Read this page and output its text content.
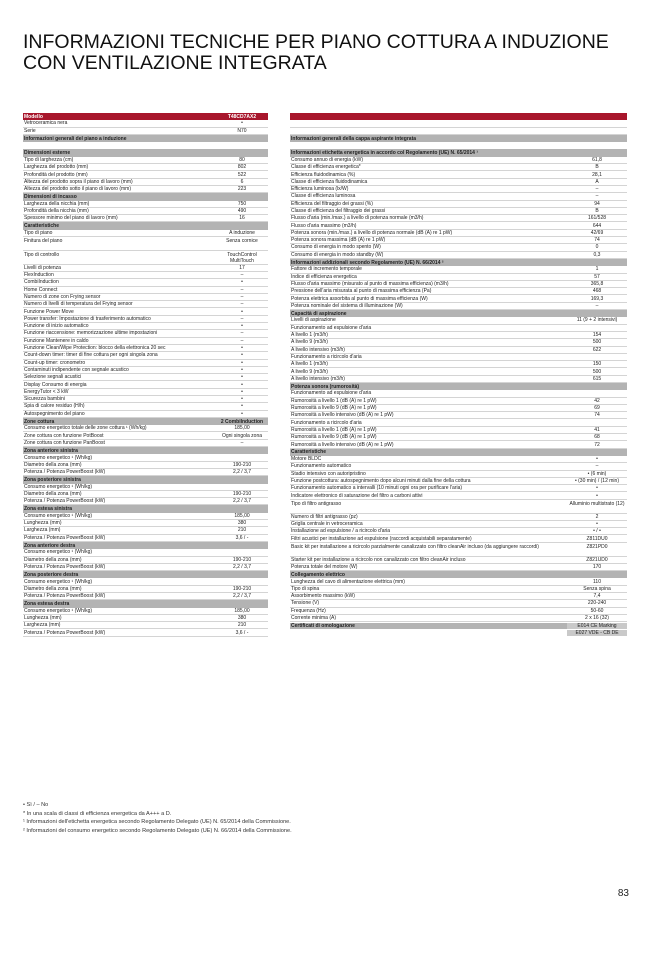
INFORMAZIONI TECNICHE PER PIANO COTTURA A INDUZIONE
CON VENTILAZIONE INTEGRATA
Modello	T48CD7AX2
Vetroceramica nera	•
Serie	N70
Informazioni generali del piano a induzione
Dimensioni esterne
Tipo di larghezza (cm)	80
Larghezza del prodotto (mm)	802
Profondità del prodotto (mm)	522
Altezza del prodotto sopra il piano di lavoro (mm)	6
Altezza del prodotto sotto il piano di lavoro (mm)	223
Dimensioni di incasso
Larghezza della nicchia (mm)	750
Profondità della nicchia (mm)	490
Spessore minimo del piano di lavoro (mm)	16
Caratteristiche
Tipo di piano	A induzione
Finitura del piano	Senza cornice
Tipo di controllo	TouchControl MultiTouch
Livelli di potenza	17
FlexInduction	–
CombiInduction	•
Home Connect	–
Numero di zone con Frying sensor	–
Numero di livelli di temperatura del Frying sensor	–
Funzione Power Move	•
Power transfer: Impostazione di trasferimento automatico	–
Funzione di inizio automatico	•
Funzione riaccensione: memorizzazione ultime impostazioni	–
Funzione Mantenere in caldo	–
Funzione Clean/Wipe Protection: blocco della elettronica 20 sec	•
Count-down timer: timer di fine cottura per ogni singola zona	•
Count-up timer: cronometro	•
Contaminuti indipendente con segnale acustico	•
Selezione segnali acustici	•
Display Consumo di energia	•
EnergyTutor < 3 kW	•
Sicurezza bambini	•
Spia di calore residuo (H/h)	•
Autospegnimento del piano	•
Zone cottura	2 CombiInduction
Consumo energetico totale delle zone cottura ¹ (Wh/kg)	185,00
Zone cottura con funzione PotBoost	Ogni singola zona
Zone cottura con funzione PanBoost	–
Zona anteriore sinistra
Consumo energetico ¹ (Wh/kg)
Diametro della zona (mm)	190-210
Potenza / Potenza PowerBoost (kW)	2,2 / 3,7
Zona posteriore sinistra
Consumo energetico ¹ (Wh/kg)
Diametro della zona (mm)	190-210
Potenza / Potenza PowerBoost (kW)	2,2 / 3,7
Zona estesa sinistra
Consumo energetico ¹ (Wh/kg)	185,00
Lunghezza (mm)	380
Larghezza (mm)	210
Potenza / Potenza PowerBoost (kW)	3,6 / -
Zona anteriore destra
Consumo energetico ¹ (Wh/kg)
Diametro della zona (mm)	190-210
Potenza / Potenza PowerBoost (kW)	2,2 / 3,7
Zona posteriore destra
Consumo energetico ¹ (Wh/kg)
Diametro della zona (mm)	190-210
Potenza / Potenza PowerBoost (kW)	2,2 / 3,7
Zona estesa destra
Consumo energetico ¹ (Wh/kg)	185,00
Lunghezza (mm)	380
Larghezza (mm)	210
Potenza / Potenza PowerBoost (kW)	3,6 / -
Informazioni generali della cappa aspirante integrata
Informazioni etichetta energetica in accordo col Regolamento (UE) N. 65/2014 ¹
Consumo annuo di energia (kW)	61,8
Classe di efficienza energetica*	B
Efficienza fluidodinamica (%)	28,1
Classe di efficienza fluidodinamica	A
Efficienza luminosa (lx/W)	–
Classe di efficienza luminosa	–
Efficienza del filtraggio dei grassi (%)	94
Classe di efficienza del filtraggio dei grassi	B
Flusso d'aria (min./max.) a livello di potenza normale (m3/h)	161/528
Flusso d'aria massimo (m3/h)	644
Potenza sonora (min./max.) a livello di potenza normale (dB (A) re 1 pW)	42/69
Potenza sonora massima (dB (A) re 1 pW)	74
Consumo di energia in modo spento (W)	0
Consumo di energia in modo standby (W)	0,3
Informazioni addizionali secondo Regolamento (UE) N. 66/2014 ²
Fattore di incremento temporale	1
Indice di efficienza energetica	57
Flusso d'aria massimo (misurato al punto di massima efficienza) (m3/h)	365,8
Pressione dell'aria misurata al punto di massima efficienza (Pa)	468
Potenza elettrica assorbita al punto di massima efficienza (W)	169,3
Potenza nominale del sistema di illuminazione (W)	–
Capacità di aspirazione
Livelli di aspirazione	11 (9 + 2 intensivi)
Funzionamento ad espulsione d'aria
A livello 1 (m3/h)	154
A livello 9 (m3/h)	500
A livello intensivo (m3/h)	622
Funzionamento a ricircolo d'aria
A livello 1 (m3/h)	150
A livello 9 (m3/h)	500
A livello intensivo (m3/h)	615
Potenza sonora (rumorosità)
Funzionamento ad espulsione d'aria
Rumorosità a livello 1 (dB (A) re 1 pW)	42
Rumorosità a livello 9 (dB (A) re 1 pW)	69
Rumorosità a livello intensivo (dB (A) re 1 pW)	74
Funzionamento a ricircolo d'aria
Rumorosità a livello 1 (dB (A) re 1 pW)	41
Rumorosità a livello 9 (dB (A) re 1 pW)	68
Rumorosità a livello intensivo (dB (A) re 1 pW)	72
Caratteristiche
Motore BLDC	•
Funzionamento automatico	–
Stadio intensivo con autoripristino	• (6 min)
Funzione postcottura: autospegnimento dopo alcuni minuti dalla fine della cottura	• (30 min) / (12 min)
Funzionamento automatico a intervalli (10 minuti ogni ora per purificare l'aria)	•
Indicatore elettronico di saturazione del filtro a carboni attivi	•
Tipo di filtro antigrasso	Alluminio multistrato (12)
Numero di filtri antigrasso (pz)	2
Griglia centrale in vetroceramica	•
Installazione ad espulsione / a ricircolo d'aria	• / •
Filtri acustici per installazione ad espulsione (raccordi acquistabili separatamente)	Z811DU0
Basic kit per installazione a ricircolo parzialmente canalizzato con filtro cleanAir incluso (da aggiungere raccordi)	Z821PD0
Starter kit per installazione a ricircolo non canalizzato con filtro cleanAir incluso	Z821UD0
Potenza totale del motore (W)	170
Collegamento elettrico
Lunghezza del cavo di alimentazione elettrica (mm)	110
Tipo di spina	Senza spina
Assorbimento massimo (kW)	7,4
Tensione (V)	220-240
Frequenza (Hz)	50-60
Corrente minima (A)	2 x 16 (32)
Certificati di omologazione	E014 CE Marking
E027 VDE - CB DE
• Sì / – No
* In una scala di classi di efficienza energetica da A+++ a D.
¹ Informazioni dell'etichetta energetica secondo Regolamento Delegato (UE) N. 65/2014 della Commissione.
² Informazioni del consumo energetico secondo Regolamento Delegato (UE) N. 66/2014 della Commissione.
83
